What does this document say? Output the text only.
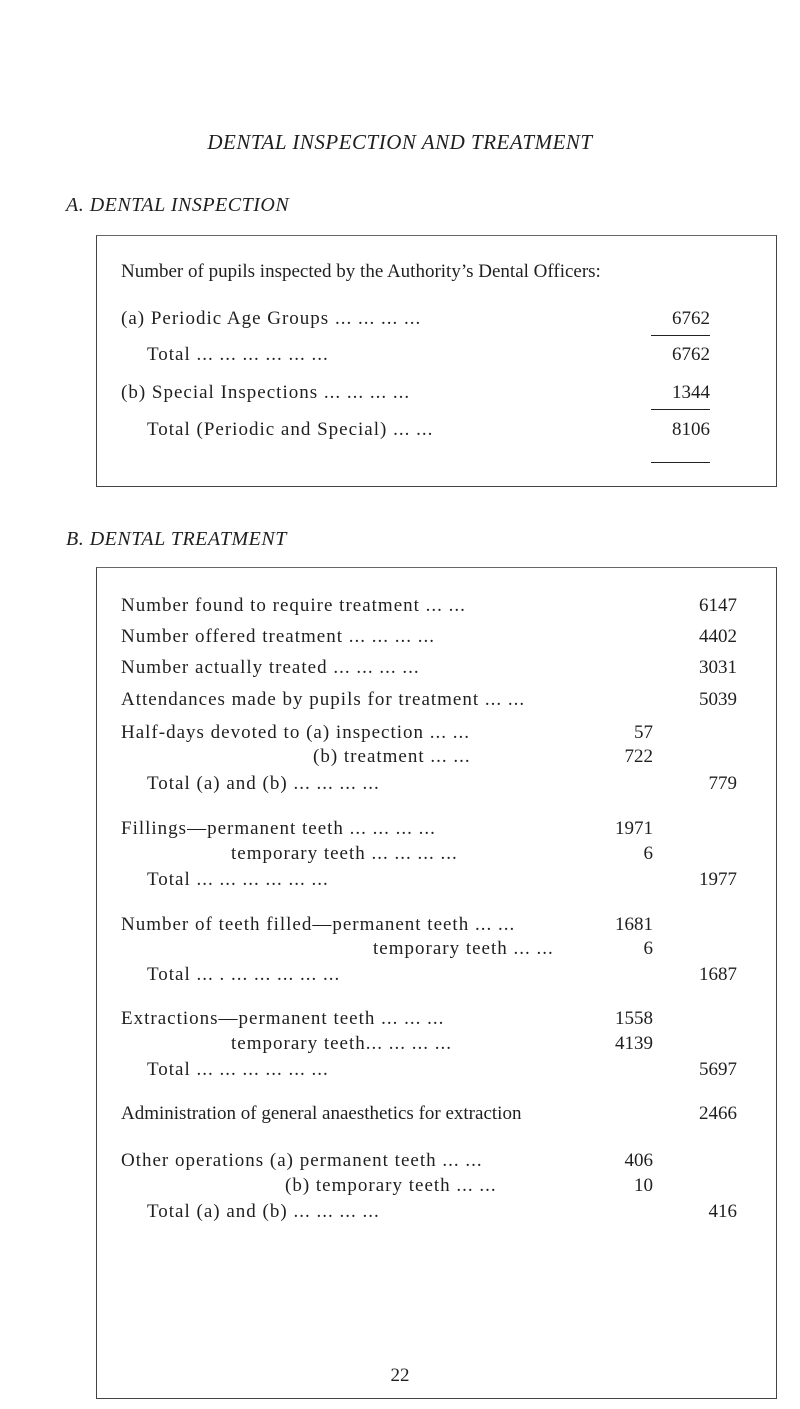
DENTAL INSPECTION AND TREATMENT
A. DENTAL INSPECTION
Number of pupils inspected by the Authority’s Dental Officers:
(a) Periodic Age Groups ... ... ... ...	6762
Total ... ... ... ... ... ...	6762
(b) Special Inspections ... ... ... ...	1344
Total (Periodic and Special) ... ...	8106
B. DENTAL TREATMENT
Number found to require treatment ... ...	6147
Number offered treatment ... ... ... ...	4402
Number actually treated ... ... ... ...	3031
Attendances made by pupils for treatment ... ...	5039
Half-days devoted to (a) inspection ... ...	57
(b) treatment ... ...	722
Total (a) and (b) ... ... ... ...	779
Fillings—permanent teeth ... ... ... ...	1971
temporary teeth ... ... ... ...	6
Total ... ... ... ... ... ...	1977
Number of teeth filled—permanent teeth ... ...	1681
temporary teeth ... ...	6
Total ... . ... ... ... ... ...	1687
Extractions—permanent teeth ... ... ...	1558
temporary teeth... ... ... ...	4139
Total ... ... ... ... ... ...	5697
Administration of general anaesthetics for extraction	2466
Other operations (a) permanent teeth ... ...	406
(b) temporary teeth ... ...	10
Total (a) and (b) ... ... ... ...	416
22
